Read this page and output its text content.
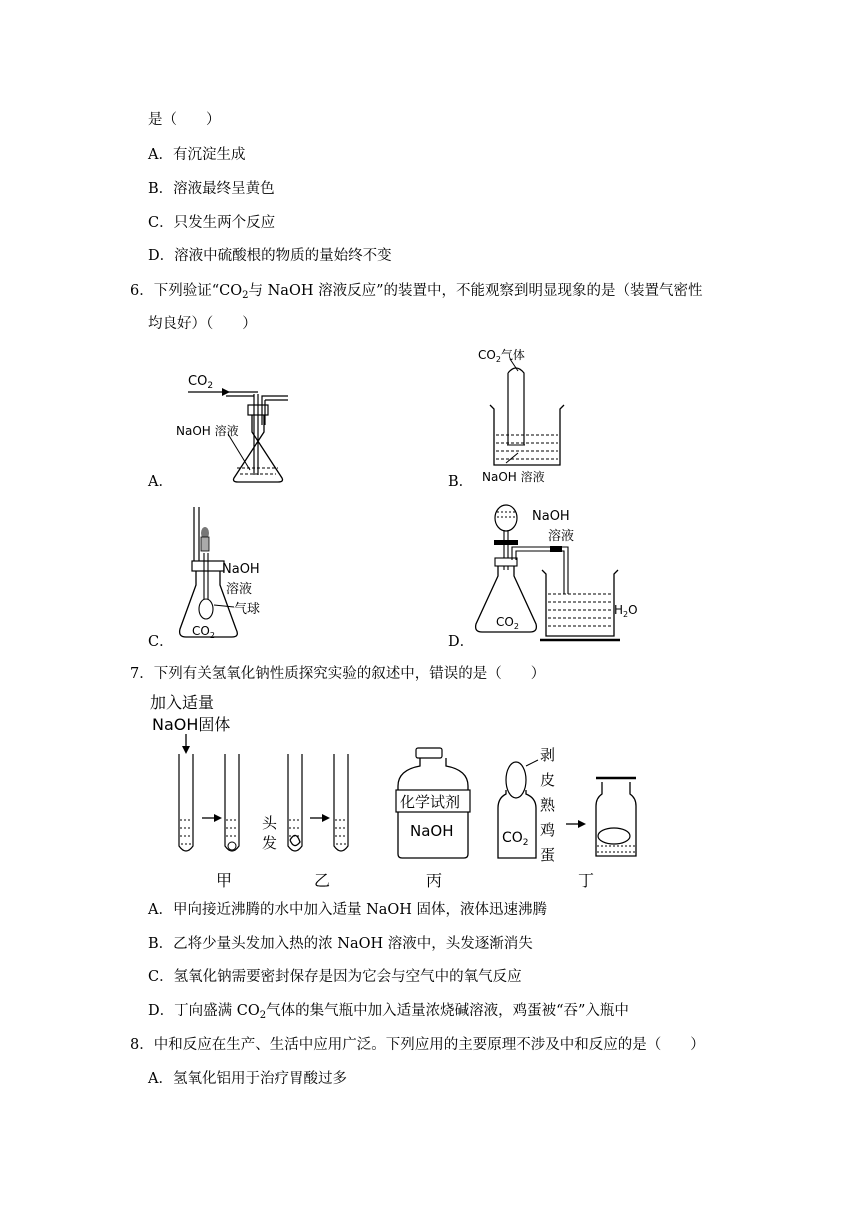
是（　　）
A．有沉淀生成
B．溶液最终呈黄色
C．只发生两个反应
D．溶液中硫酸根的物质的量始终不变
6．下列验证“$CO_2$与 NaOH 溶液反应”的装置中，不能观察到明显现象的是（装置气密性
均良好）（　　）
A．
$CO_2$
NaOH 溶液
B．
$CO_2$气体
NaOH 溶液
C．
NaOH
溶液
气球
$CO_2$	D．
NaOH
溶液
$CO_2$
$H_2O$
7．下列有关氢氧化钠性质探究实验的叙述中，错误的是（　　）
加入适量
NaOH固体
头
发
化学试剂
NaOH	$CO_2$
剥
皮
熟
鸡
蛋
甲	乙	丙	丁
A．甲向接近沸腾的水中加入适量 NaOH 固体，液体迅速沸腾
B．乙将少量头发加入热的浓 NaOH 溶液中，头发逐渐消失
C．氢氧化钠需要密封保存是因为它会与空气中的氧气反应
D．丁向盛满 $CO_2$气体的集气瓶中加入适量浓烧碱溶液，鸡蛋被“吞”入瓶中
8．中和反应在生产、生活中应用广泛。下列应用的主要原理不涉及中和反应的是（　　）
A．氢氧化铝用于治疗胃酸过多
